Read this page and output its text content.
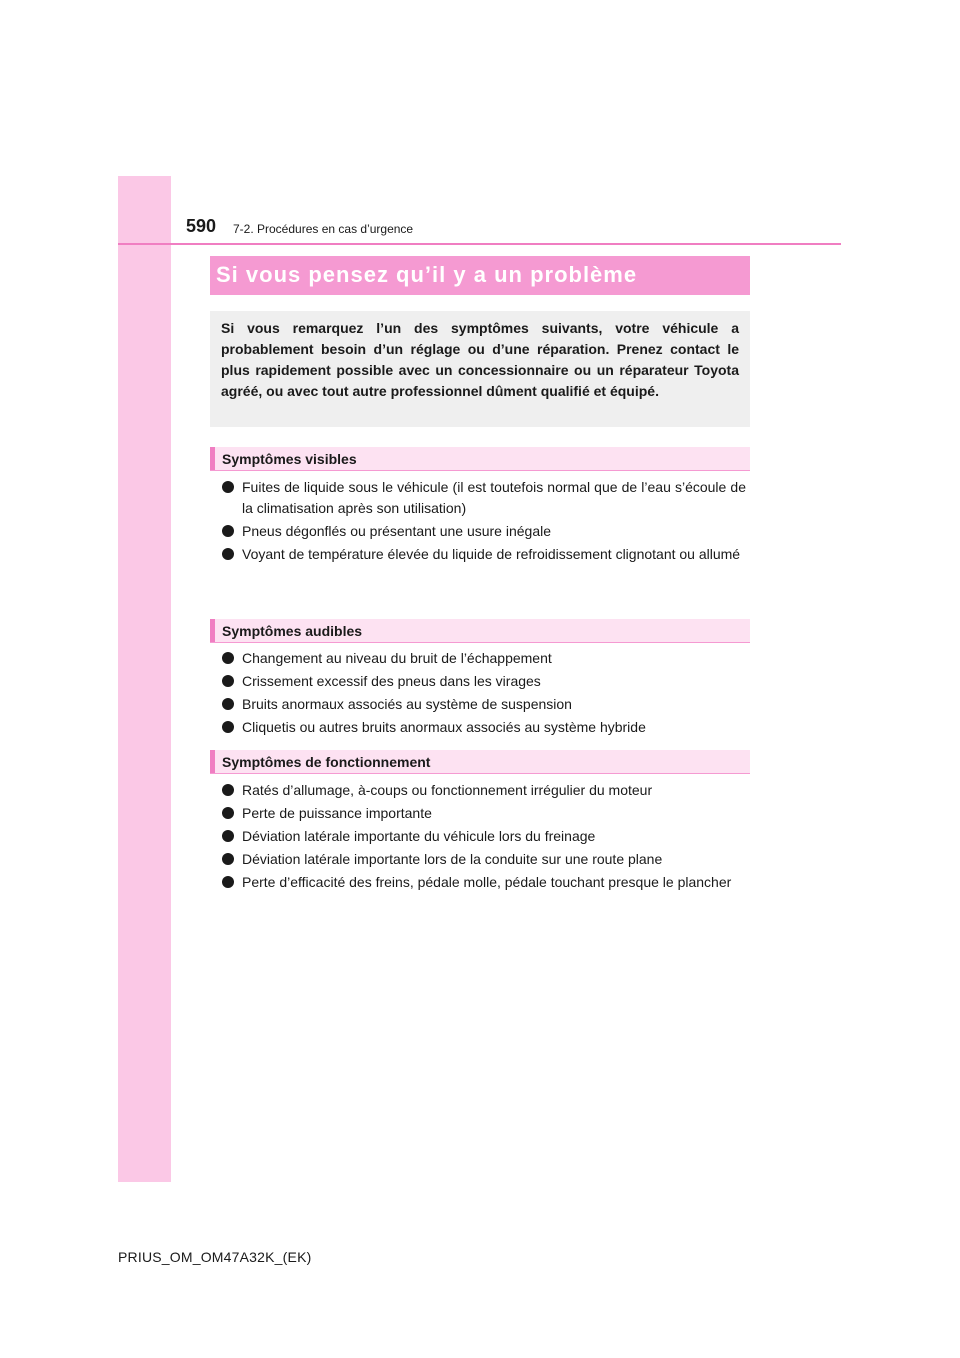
590 7-2. Procédures en cas d’urgence
Si vous pensez qu’il y a un problème
Si vous remarquez l’un des symptômes suivants, votre véhicule a probablement besoin d’un réglage ou d’une réparation. Prenez contact le plus rapidement possible avec un concessionnaire ou un réparateur Toyota agréé, ou avec tout autre professionnel dûment qualifié et équipé.
Symptômes visibles
Fuites de liquide sous le véhicule (il est toutefois normal que de l’eau s’écoule de la climatisation après son utilisation)
Pneus dégonflés ou présentant une usure inégale
Voyant de température élevée du liquide de refroidissement clignotant ou allumé
Symptômes audibles
Changement au niveau du bruit de l’échappement
Crissement excessif des pneus dans les virages
Bruits anormaux associés au système de suspension
Cliquetis ou autres bruits anormaux associés au système hybride
Symptômes de fonctionnement
Ratés d’allumage, à-coups ou fonctionnement irrégulier du moteur
Perte de puissance importante
Déviation latérale importante du véhicule lors du freinage
Déviation latérale importante lors de la conduite sur une route plane
Perte d’efficacité des freins, pédale molle, pédale touchant presque le plancher
PRIUS_OM_OM47A32K_(EK)
